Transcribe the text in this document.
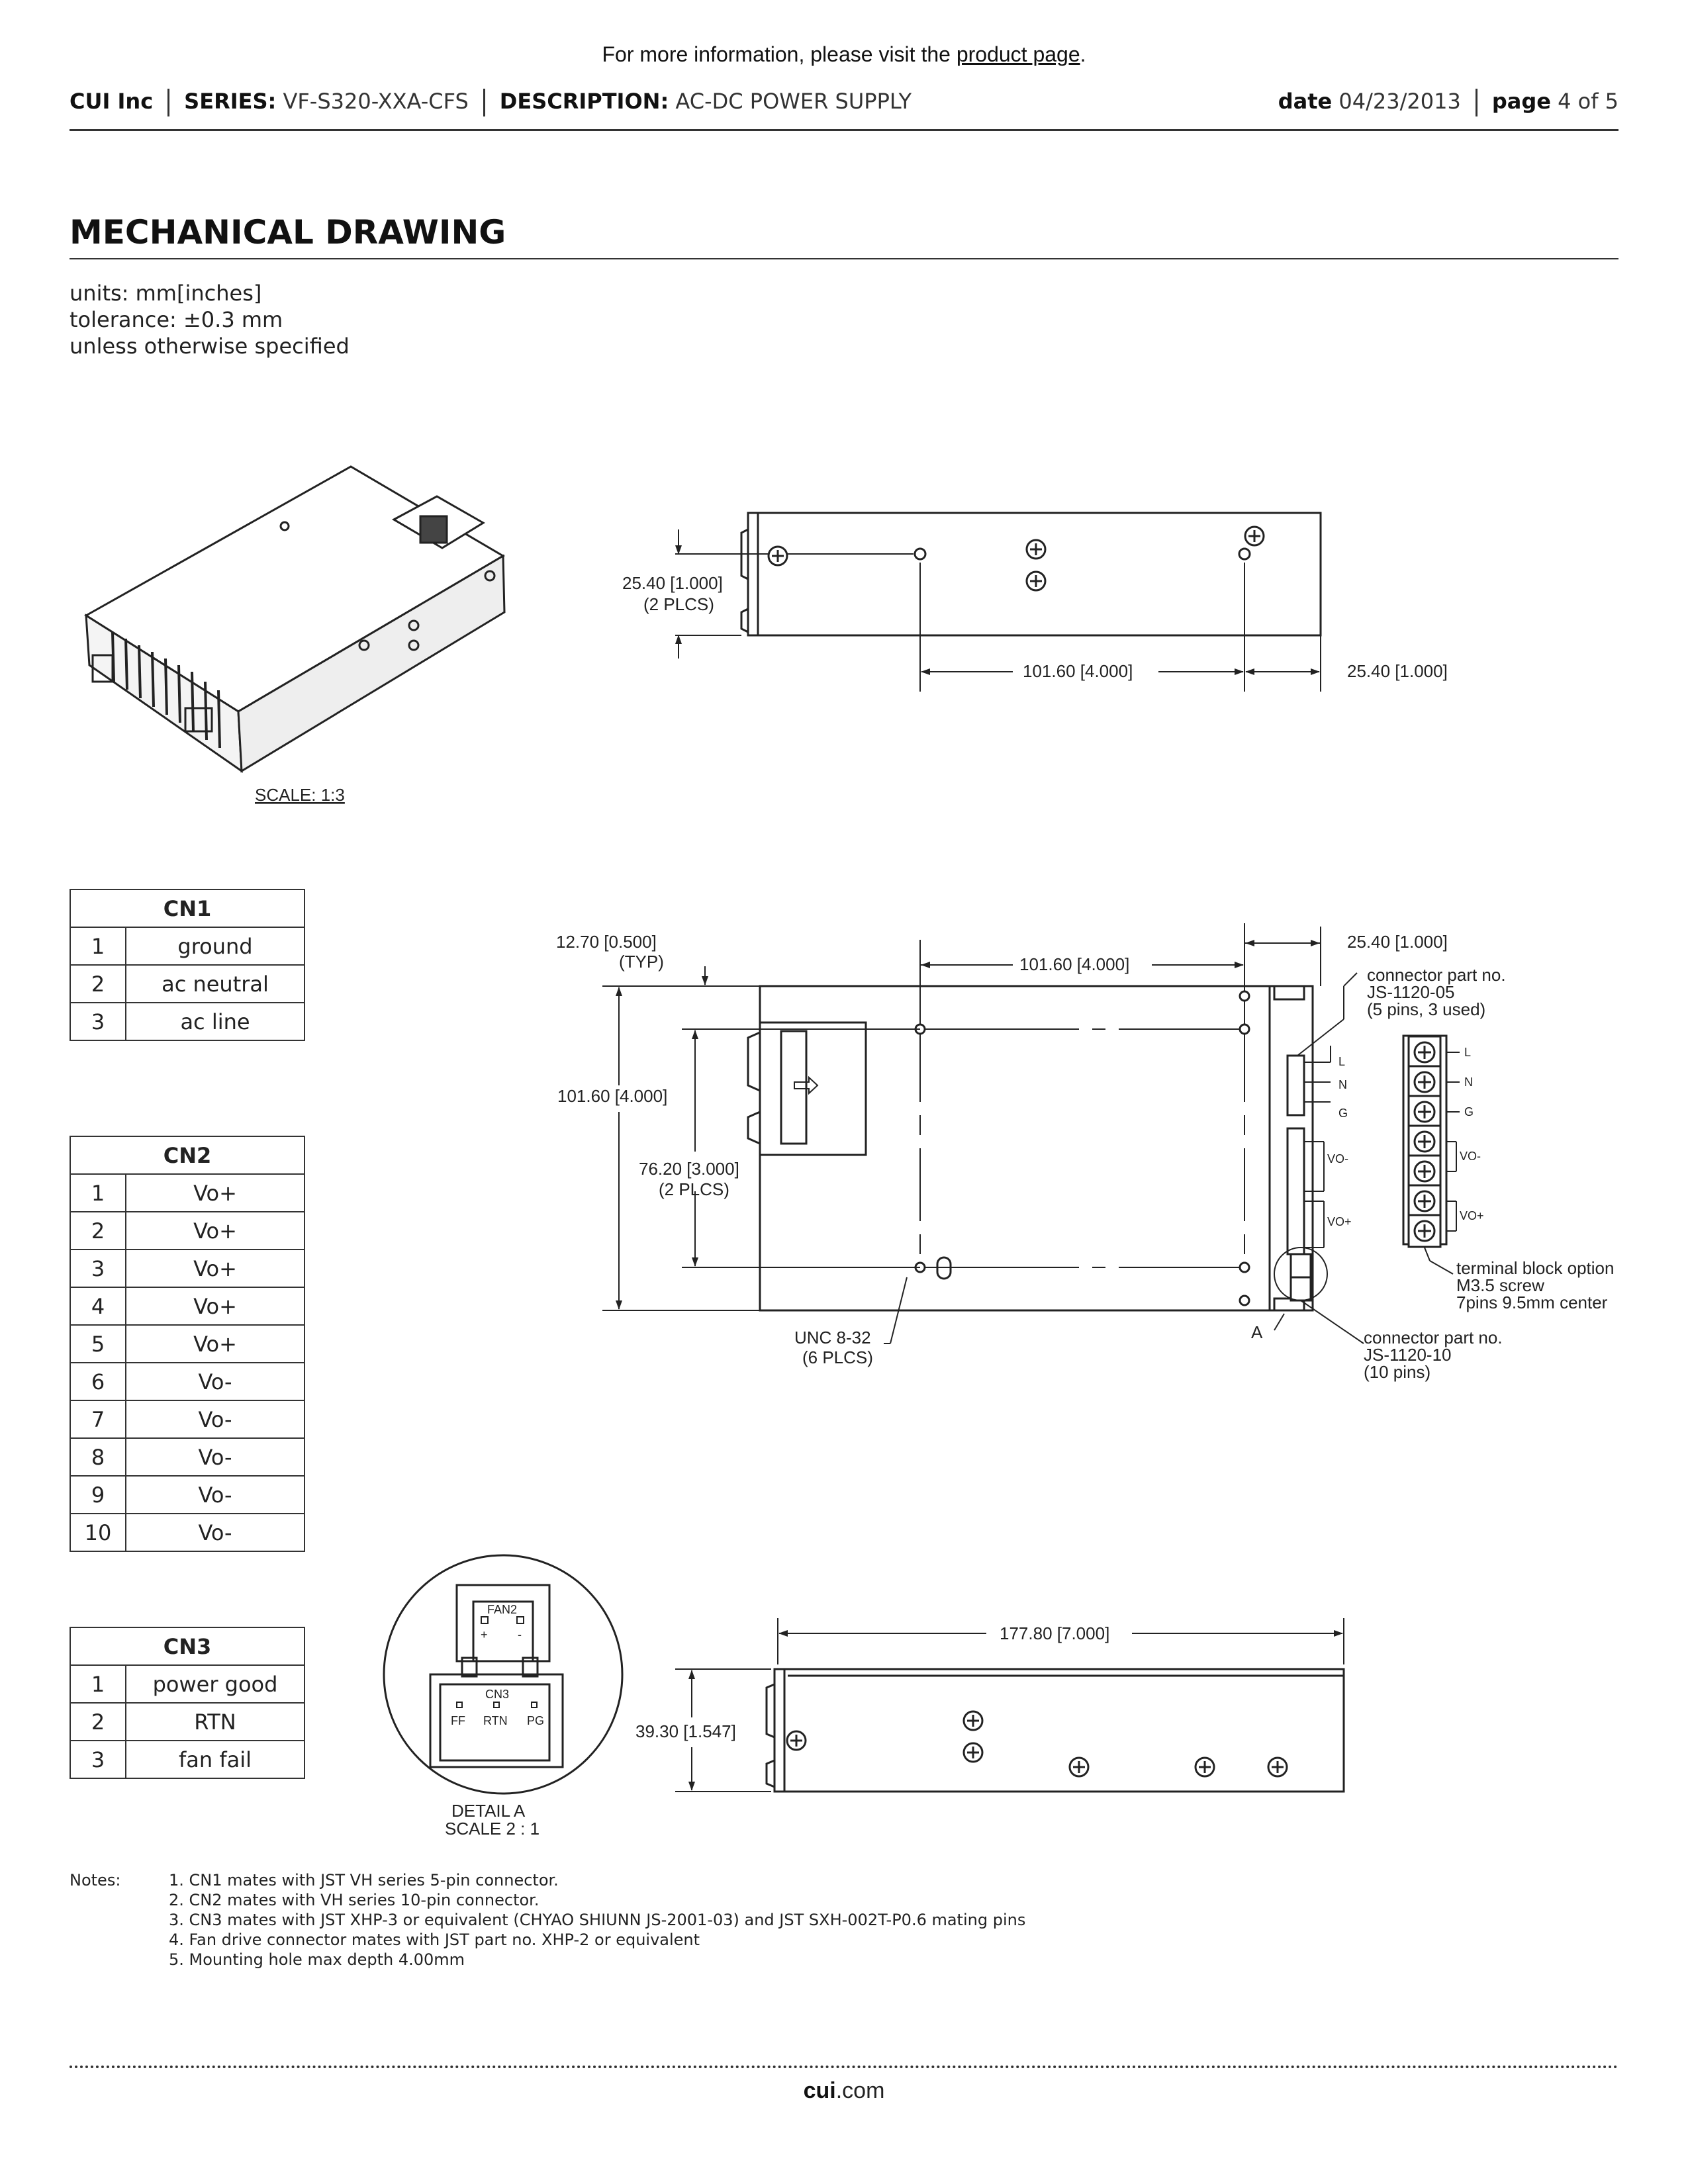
For more information, please visit the product page.
CUI Inc SERIES: VF-S320-XXA-CFS DESCRIPTION: AC-DC POWER SUPPLY	date 04/23/2013 page 4 of 5
MECHANICAL DRAWING
units: mm[inches]
tolerance: ±0.3 mm
unless otherwise specified
SCALE: 1:3
25.40 [1.000]
(2 PLCS)
101.60 [4.000]	25.40 [1.000]
12.70 [0.500]
(TYP)	101.60 [4.000]
25.40 [1.000]
101.60 [4.000]
76.20 [3.000]
(2 PLCS)
UNC 8-32
(6 PLCS)
A
connector part no.
JS-1120-05
(5 pins, 3 used)
connector part no.
JS-1120-10
(10 pins)
terminal block option
M3.5 screw
7pins 9.5mm center
L
N
G
VO-
VO+
L
N
G
VO-
VO+
FAN2
+	-
CN3
FF RTN PG
DETAIL A
SCALE 2 : 1
177.80 [7.000]
39.30 [1.547]
CN1	
1	ground
2	ac neutral
3	ac line
CN2	
1	Vo+
2	Vo+
3	Vo+
4	Vo+
5	Vo+
6	Vo-
7	Vo-
8	Vo-
9	Vo-
10	Vo-
CN3	
1	power good
2	RTN
3	fan fail
Notes:	1. CN1 mates with JST VH series 5-pin connector.
2. CN2 mates with VH series 10-pin connector.
3. CN3 mates with JST XHP-3 or equivalent (CHYAO SHIUNN JS-2001-03) and JST SXH-002T-P0.6 mating pins
4. Fan drive connector mates with JST part no. XHP-2 or equivalent
5. Mounting hole max depth 4.00mm
cui.com
